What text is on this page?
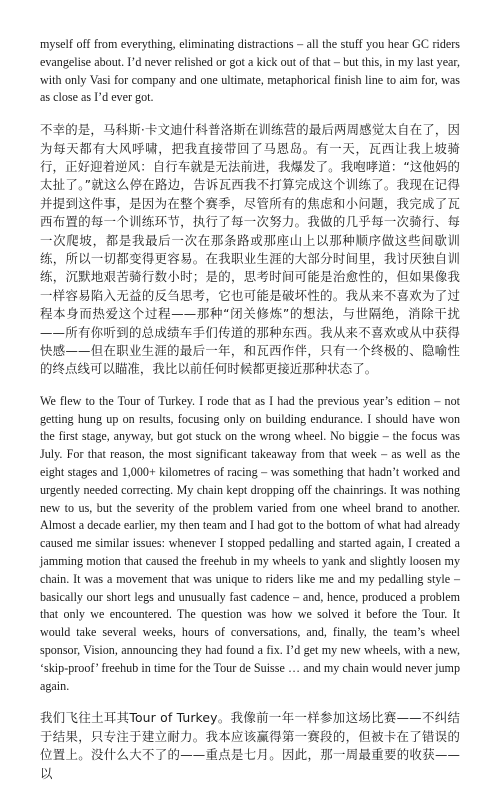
myself off from everything, eliminating distractions – all the stuff you hear GC riders evangelise about. I’d never relished or got a kick out of that – but this, in my last year, with only Vasi for company and one ultimate, metaphorical finish line to aim for, was as close as I’d ever got.

不幸的是，马科斯·卡文迪什科普洛斯在训练营的最后两周感觉太自在了，因为每天都有大风呼啸，把我直接带回了马恩岛。有一天，瓦西让我上坡骑行，正好迎着逆风：自行车就是无法前进，我爆发了。我咆哮道：“这他妈的太扯了。”就这么停在路边，告诉瓦西我不打算完成这个训练了。我现在记得并提到这件事，是因为在整个赛季，尽管所有的焦虑和小问题，我完成了瓦西布置的每一个训练环节，执行了每一次努力。我做的几乎每一次骑行、每一次爬坡，都是我最后一次在那条路或那座山上以那种顺序做这些间歇训练，所以一切都变得更容易。在我职业生涯的大部分时间里，我讨厌独自训练，沉默地艰苦骑行数小时；是的，思考时间可能是治愈性的，但如果像我一样容易陷入无益的反刍思考，它也可能是破坏性的。我从来不喜欢为了过程本身而热爱这个过程——那种“闭关修炼”的想法，与世隔绝，消除干扰——所有你听到的总成绩车手们传道的那种东西。我从来不喜欢或从中获得快感——但在职业生涯的最后一年，和瓦西作伴，只有一个终极的、隐喻性的终点线可以瞄准，我比以前任何时候都更接近那种状态了。

We flew to the Tour of Turkey. I rode that as I had the previous year’s edition – not getting hung up on results, focusing only on building endurance. I should have won the first stage, anyway, but got stuck on the wrong wheel. No biggie – the focus was July. For that reason, the most significant takeaway from that week – as well as the eight stages and 1,000+ kilometres of racing – was something that hadn’t worked and urgently needed correcting. My chain kept dropping off the chainrings. It was nothing new to us, but the severity of the problem varied from one wheel brand to another. Almost a decade earlier, my then team and I had got to the bottom of what had already caused me similar issues: whenever I stopped pedalling and started again, I created a jamming motion that caused the freehub in my wheels to yank and slightly loosen my chain. It was a movement that was unique to riders like me and my pedalling style – basically our short legs and unusually fast cadence – and, hence, produced a problem that only we encountered. The question was how we solved it before the Tour. It would take several weeks, hours of conversations, and, finally, the team’s wheel sponsor, Vision, announcing they had found a fix. I’d get my new wheels, with a new, ‘skip-proof’ freehub in time for the Tour de Suisse … and my chain would never jump again.

我们飞往土耳其Tour of Turkey。我像前一年一样参加这场比赛——不纠结于结果，只专注于建立耐力。我本应该赢得第一赛段的，但被卡在了错误的位置上。没什么大不了的——重点是七月。因此，那一周最重要的收获——以
